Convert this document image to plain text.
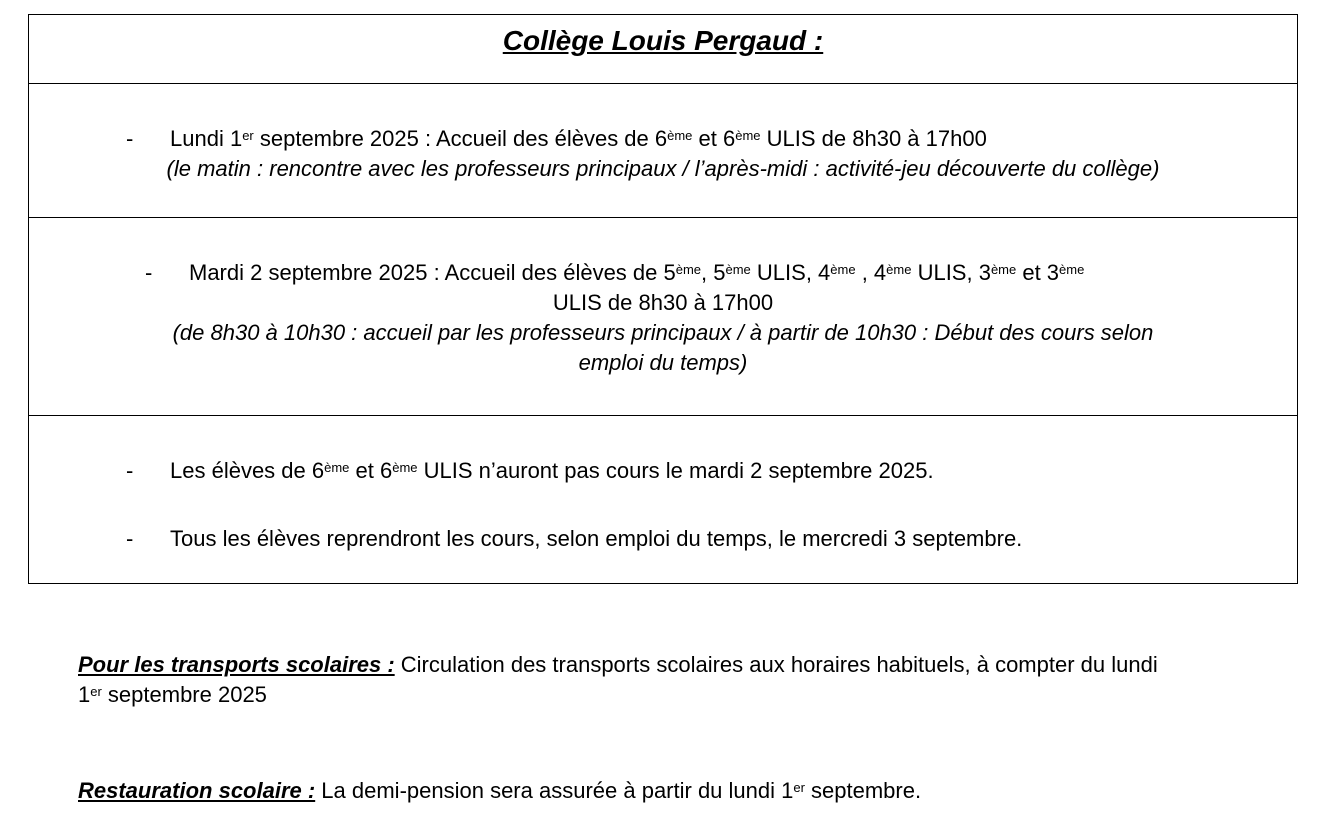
Collège Louis Pergaud :
- Lundi 1er septembre 2025 : Accueil des élèves de 6ème et 6ème ULIS de 8h30 à 17h00
(le matin : rencontre avec les professeurs principaux / l’après-midi : activité-jeu découverte du collège)
- Mardi 2 septembre 2025 : Accueil des élèves de 5ème, 5ème ULIS, 4ème , 4ème ULIS, 3ème et 3ème
ULIS de 8h30 à 17h00
(de 8h30 à 10h30 : accueil par les professeurs principaux / à partir de 10h30 : Début des cours selon
emploi du temps)
- Les élèves de 6ème et 6ème ULIS n’auront pas cours le mardi 2 septembre 2025.
- Tous les élèves reprendront les cours, selon emploi du temps, le mercredi 3 septembre.
Pour les transports scolaires : Circulation des transports scolaires aux horaires habituels, à compter du lundi
1er septembre 2025
Restauration scolaire : La demi-pension sera assurée à partir du lundi 1er septembre.
